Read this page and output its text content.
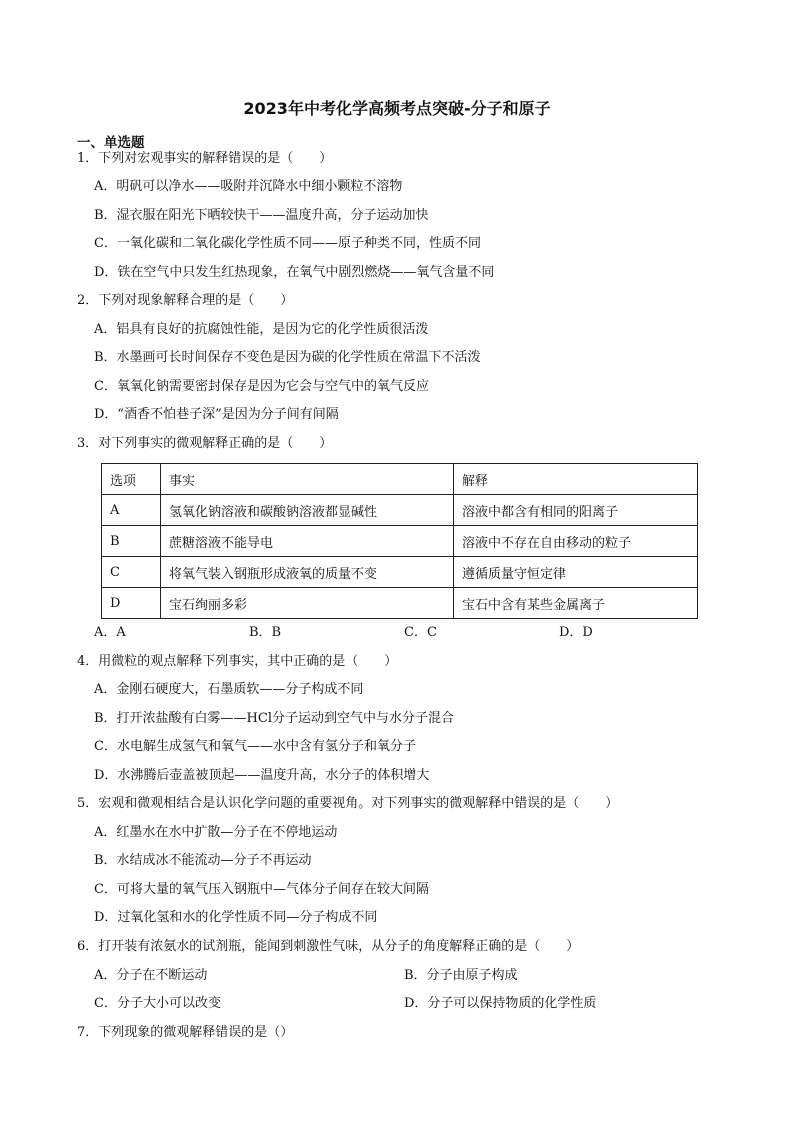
2023年中考化学高频考点突破-分子和原子
一、单选题
1．下列对宏观事实的解释错误的是（　　）
A．明矾可以净水——吸附并沉降水中细小颗粒不溶物
B．湿衣服在阳光下晒较快干——温度升高，分子运动加快
C．一氧化碳和二氧化碳化学性质不同——原子种类不同，性质不同
D．铁在空气中只发生红热现象，在氧气中剧烈燃烧——氧气含量不同
2．下列对现象解释合理的是（　　）
A．铝具有良好的抗腐蚀性能，是因为它的化学性质很活泼
B．水墨画可长时间保存不变色是因为碳的化学性质在常温下不活泼
C．氧氧化钠需要密封保存是因为它会与空气中的氧气反应
D．“酒香不怕巷子深”是因为分子间有间隔
3．对下列事实的微观解释正确的是（　　）
选项	事实	解释
A	氢氧化钠溶液和碳酸钠溶液都显碱性	溶液中都含有相同的阳离子
B	蔗糖溶液不能导电	溶液中不存在自由移动的粒子
C	将氧气装入钢瓶形成液氧的质量不变	遵循质量守恒定律
D	宝石绚丽多彩	宝石中含有某些金属离子
A．A	B．B	C．C	D．D
4．用微粒的观点解释下列事实，其中正确的是（　　）
A．金刚石硬度大，石墨质软——分子构成不同
B．打开浓盐酸有白雾——HCl分子运动到空气中与水分子混合
C．水电解生成氢气和氧气——水中含有氢分子和氧分子
D．水沸腾后壶盖被顶起——温度升高，水分子的体积增大
5．宏观和微观相结合是认识化学问题的重要视角。对下列事实的微观解释中错误的是（　　）
A．红墨水在水中扩散—分子在不停地运动
B．水结成冰不能流动—分子不再运动
C．可将大量的氧气压入钢瓶中—气体分子间存在较大间隔
D．过氧化氢和水的化学性质不同—分子构成不同
6．打开装有浓氨水的试剂瓶，能闻到刺激性气味，从分子的角度解释正确的是（　　）
A．分子在不断运动	B．分子由原子构成
C．分子大小可以改变	D．分子可以保持物质的化学性质
7．下列现象的微观解释错误的是（）
